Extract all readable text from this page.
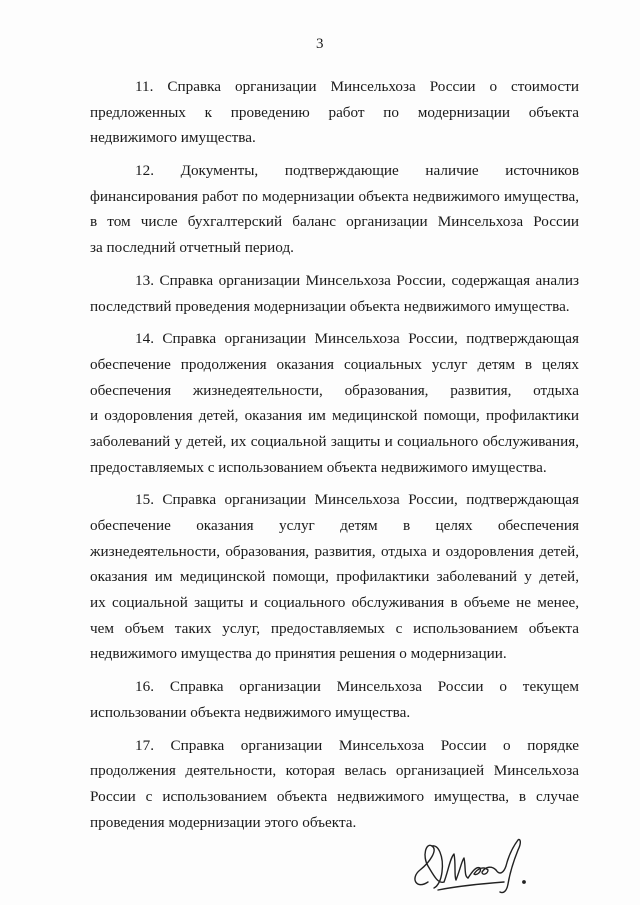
3
11. Справка организации Минсельхоза России о стоимости
предложенных к проведению работ по модернизации объекта
недвижимого имущества.
12. Документы, подтверждающие наличие источников
финансирования работ по модернизации объекта недвижимого имущества,
в том числе бухгалтерский баланс организации Минсельхоза России
за последний отчетный период.
13. Справка организации Минсельхоза России, содержащая анализ
последствий проведения модернизации объекта недвижимого имущества.
14. Справка организации Минсельхоза России, подтверждающая
обеспечение продолжения оказания социальных услуг детям в целях
обеспечения жизнедеятельности, образования, развития, отдыха
и оздоровления детей, оказания им медицинской помощи, профилактики
заболеваний у детей, их социальной защиты и социального обслуживания,
предоставляемых с использованием объекта недвижимого имущества.
15. Справка организации Минсельхоза России, подтверждающая
обеспечение оказания услуг детям в целях обеспечения
жизнедеятельности, образования, развития, отдыха и оздоровления детей,
оказания им медицинской помощи, профилактики заболеваний у детей,
их социальной защиты и социального обслуживания в объеме не менее,
чем объем таких услуг, предоставляемых с использованием объекта
недвижимого имущества до принятия решения о модернизации.
16. Справка организации Минсельхоза России о текущем
использовании объекта недвижимого имущества.
17. Справка организации Минсельхоза России о порядке
продолжения деятельности, которая велась организацией Минсельхоза
России с использованием объекта недвижимого имущества, в случае
проведения модернизации этого объекта.
